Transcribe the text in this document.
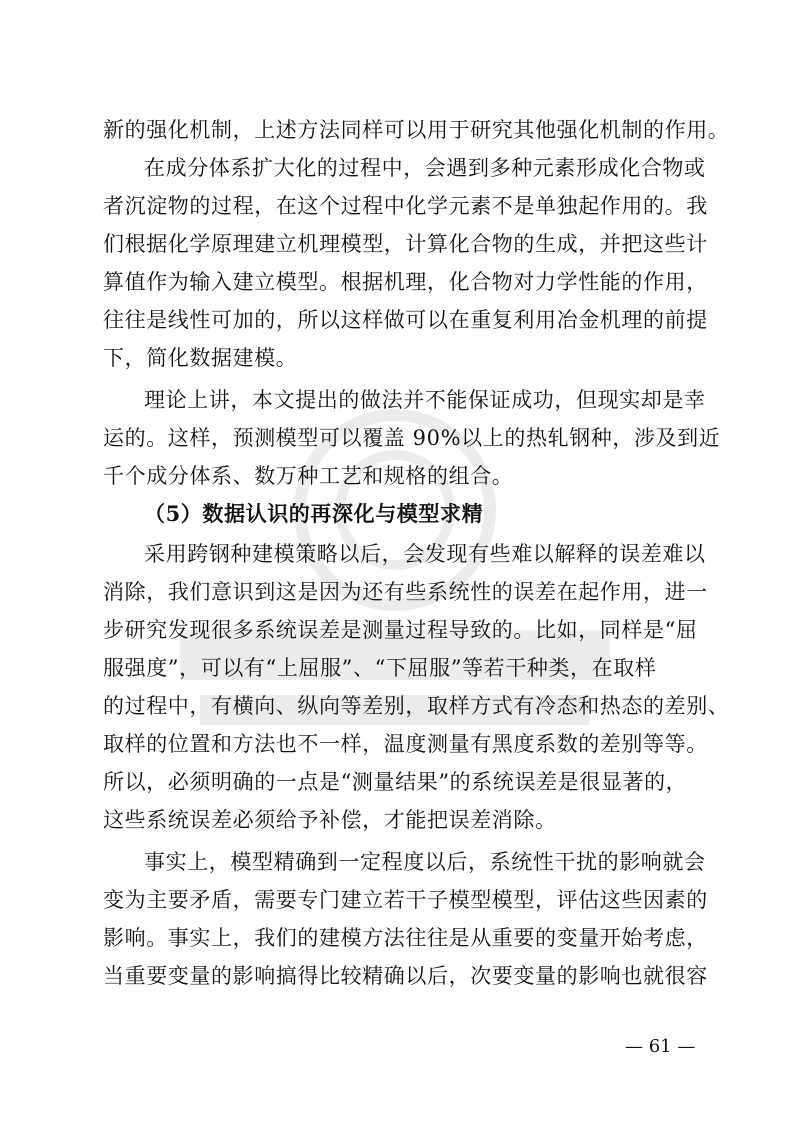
新的强化机制，上述方法同样可以用于研究其他强化机制的作用。
在成分体系扩大化的过程中，会遇到多种元素形成化合物或
者沉淀物的过程，在这个过程中化学元素不是单独起作用的。我
们根据化学原理建立机理模型，计算化合物的生成，并把这些计
算值作为输入建立模型。根据机理，化合物对力学性能的作用，
往往是线性可加的，所以这样做可以在重复利用冶金机理的前提
下，简化数据建模。
理论上讲，本文提出的做法并不能保证成功，但现实却是幸
运的。这样，预测模型可以覆盖 90%以上的热轧钢种，涉及到近
千个成分体系、数万种工艺和规格的组合。
（5）数据认识的再深化与模型求精
采用跨钢种建模策略以后，会发现有些难以解释的误差难以
消除，我们意识到这是因为还有些系统性的误差在起作用，进一
步研究发现很多系统误差是测量过程导致的。比如，同样是“屈
服强度”，可以有“上屈服”、“下屈服”等若干种类，在取样
的过程中，有横向、纵向等差别，取样方式有冷态和热态的差别、
取样的位置和方法也不一样，温度测量有黑度系数的差别等等。
所以，必须明确的一点是“测量结果”的系统误差是很显著的，
这些系统误差必须给予补偿，才能把误差消除。
事实上，模型精确到一定程度以后，系统性干扰的影响就会
变为主要矛盾，需要专门建立若干子模型模型，评估这些因素的
影响。事实上，我们的建模方法往往是从重要的变量开始考虑，
当重要变量的影响搞得比较精确以后，次要变量的影响也就很容
— 61 —
